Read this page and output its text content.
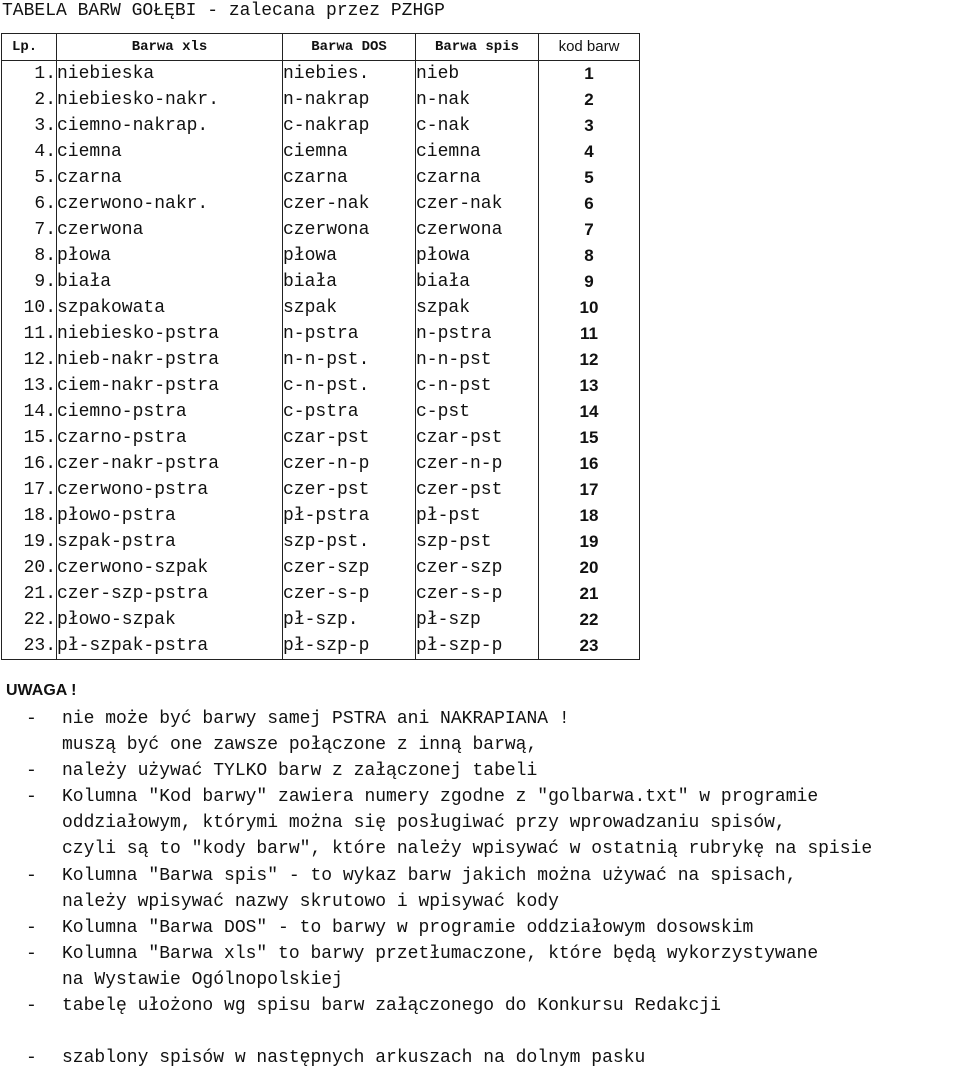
TABELA BARW GOŁĘBI - zalecana przez PZHGP
Lp.	Barwa xls	Barwa DOS	Barwa spis	kod barw
1.	niebieska	niebies.	nieb	1
2.	niebiesko-nakr.	n-nakrap	n-nak	2
3.	ciemno-nakrap.	c-nakrap	c-nak	3
4.	ciemna	ciemna	ciemna	4
5.	czarna	czarna	czarna	5
6.	czerwono-nakr.	czer-nak	czer-nak	6
7.	czerwona	czerwona	czerwona	7
8.	płowa	płowa	płowa	8
9.	biała	biała	biała	9
10.	szpakowata	szpak	szpak	10
11.	niebiesko-pstra	n-pstra	n-pstra	11
12.	nieb-nakr-pstra	n-n-pst.	n-n-pst	12
13.	ciem-nakr-pstra	c-n-pst.	c-n-pst	13
14.	ciemno-pstra	c-pstra	c-pst	14
15.	czarno-pstra	czar-pst	czar-pst	15
16.	czer-nakr-pstra	czer-n-p	czer-n-p	16
17.	czerwono-pstra	czer-pst	czer-pst	17
18.	płowo-pstra	pł-pstra	pł-pst	18
19.	szpak-pstra	szp-pst.	szp-pst	19
20.	czerwono-szpak	czer-szp	czer-szp	20
21.	czer-szp-pstra	czer-s-p	czer-s-p	21
22.	płowo-szpak	pł-szp.	pł-szp	22
23.	pł-szpak-pstra	pł-szp-p	pł-szp-p	23
UWAGA !
- nie może być barwy samej PSTRA ani NAKRAPIANA !
muszą być one zawsze połączone z inną barwą,
- należy używać TYLKO barw z załączonej tabeli
- Kolumna "Kod barwy" zawiera numery zgodne z "golbarwa.txt" w programie
oddziałowym, którymi można się posługiwać przy wprowadzaniu spisów,
czyli są to "kody barw", które należy wpisywać w ostatnią rubrykę na spisie
- Kolumna "Barwa spis" - to wykaz barw jakich można używać na spisach,
należy wpisywać nazwy skrutowo i wpisywać kody
- Kolumna "Barwa DOS" - to barwy w programie oddziałowym dosowskim
- Kolumna "Barwa xls" to barwy przetłumaczone, które będą wykorzystywane
na Wystawie Ogólnopolskiej
- tabelę ułożono wg spisu barw załączonego do Konkursu Redakcji
- szablony spisów w następnych arkuszach na dolnym pasku
